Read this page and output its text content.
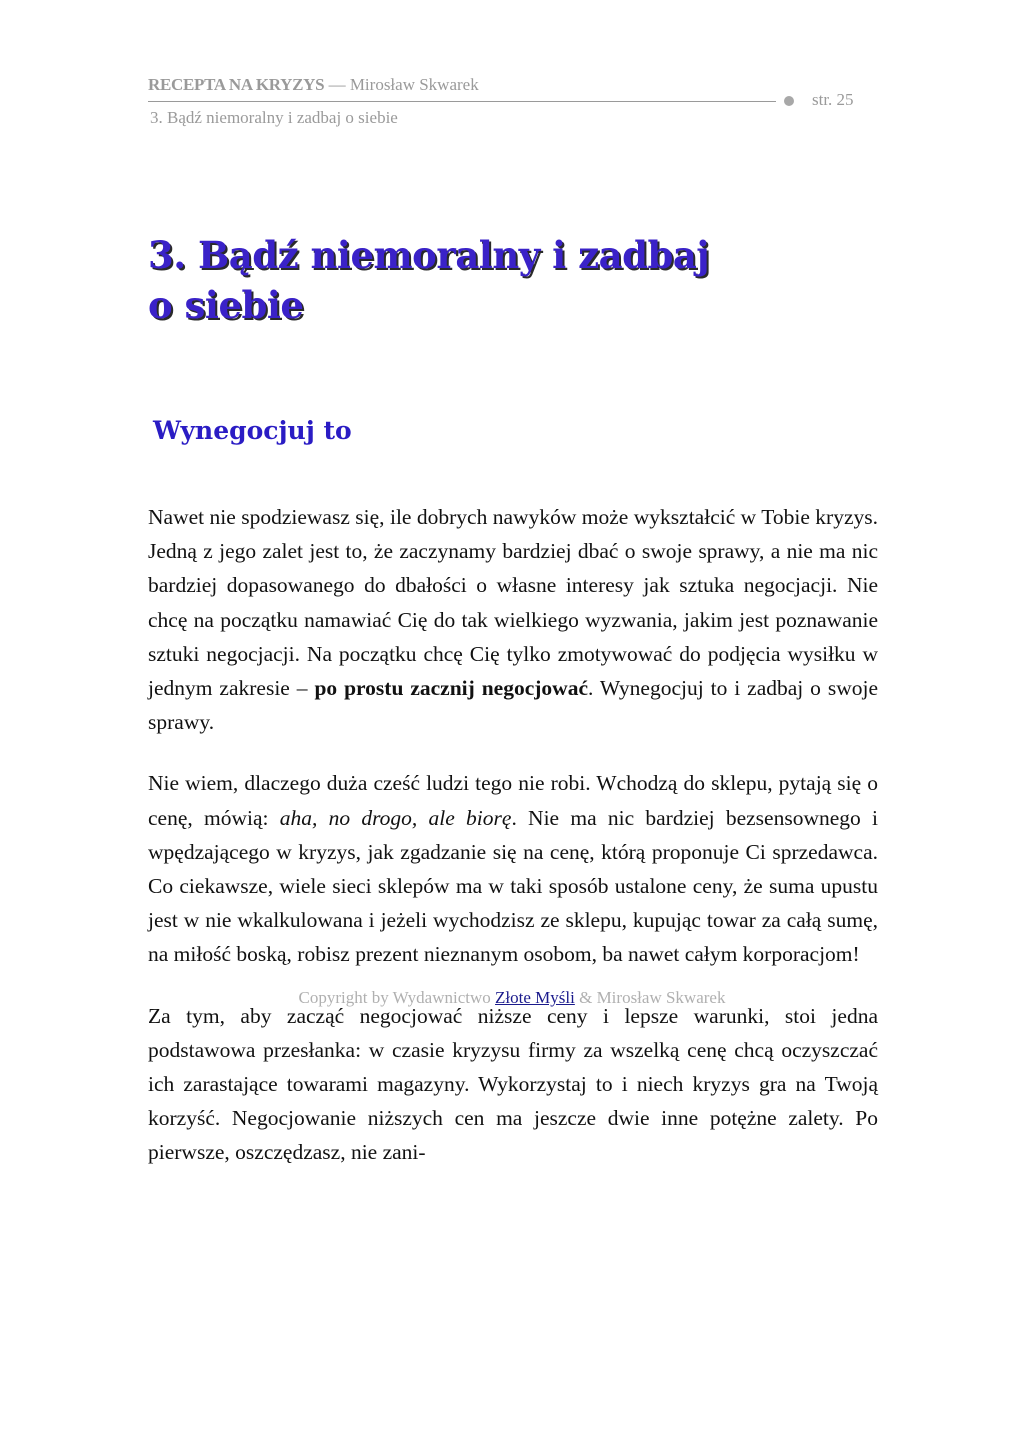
RECEPTA NA KRYZYS — Mirosław Skwarek
str. 25
3. Bądź niemoralny i zadbaj o siebie
3. Bądź niemoralny i zadbaj
o siebie
Wynegocjuj to

Nawet nie spodziewasz się, ile dobrych nawyków może wykształcić w Tobie kryzys. Jedną z jego zalet jest to, że zaczynamy bardziej dbać o swoje sprawy, a nie ma nic bardziej dopasowanego do dbałości o własne interesy jak sztuka negocjacji. Nie chcę na początku namawiać Cię do tak wielkiego wyzwania, jakim jest poznawanie sztuki negocjacji. Na początku chcę Cię tylko zmotywować do podjęcia wysiłku w jednym zakresie – po prostu zacznij negocjować. Wynegocjuj to i zadbaj o swoje sprawy.

Nie wiem, dlaczego duża cześć ludzi tego nie robi. Wchodzą do sklepu, pytają się o cenę, mówią: aha, no drogo, ale biorę. Nie ma nic bardziej bezsensownego i wpędzającego w kryzys, jak zgadzanie się na cenę, którą proponuje Ci sprzedawca. Co ciekawsze, wiele sieci sklepów ma w taki sposób ustalone ceny, że suma upustu jest w nie wkalkulowana i jeżeli wychodzisz ze sklepu, kupując towar za całą sumę, na miłość boską, robisz prezent nieznanym osobom, ba nawet całym korporacjom!

Za tym, aby zacząć negocjować niższe ceny i lepsze warunki, stoi jedna podstawowa przesłanka: w czasie kryzysu firmy za wszelką cenę chcą oczyszczać ich zarastające towarami magazyny. Wykorzystaj to i niech kryzys gra na Twoją korzyść. Negocjowanie niższych cen ma jeszcze dwie inne potężne zalety. Po pierwsze, oszczędzasz, nie zani-

Copyright by Wydawnictwo Złote Myśli & Mirosław Skwarek
